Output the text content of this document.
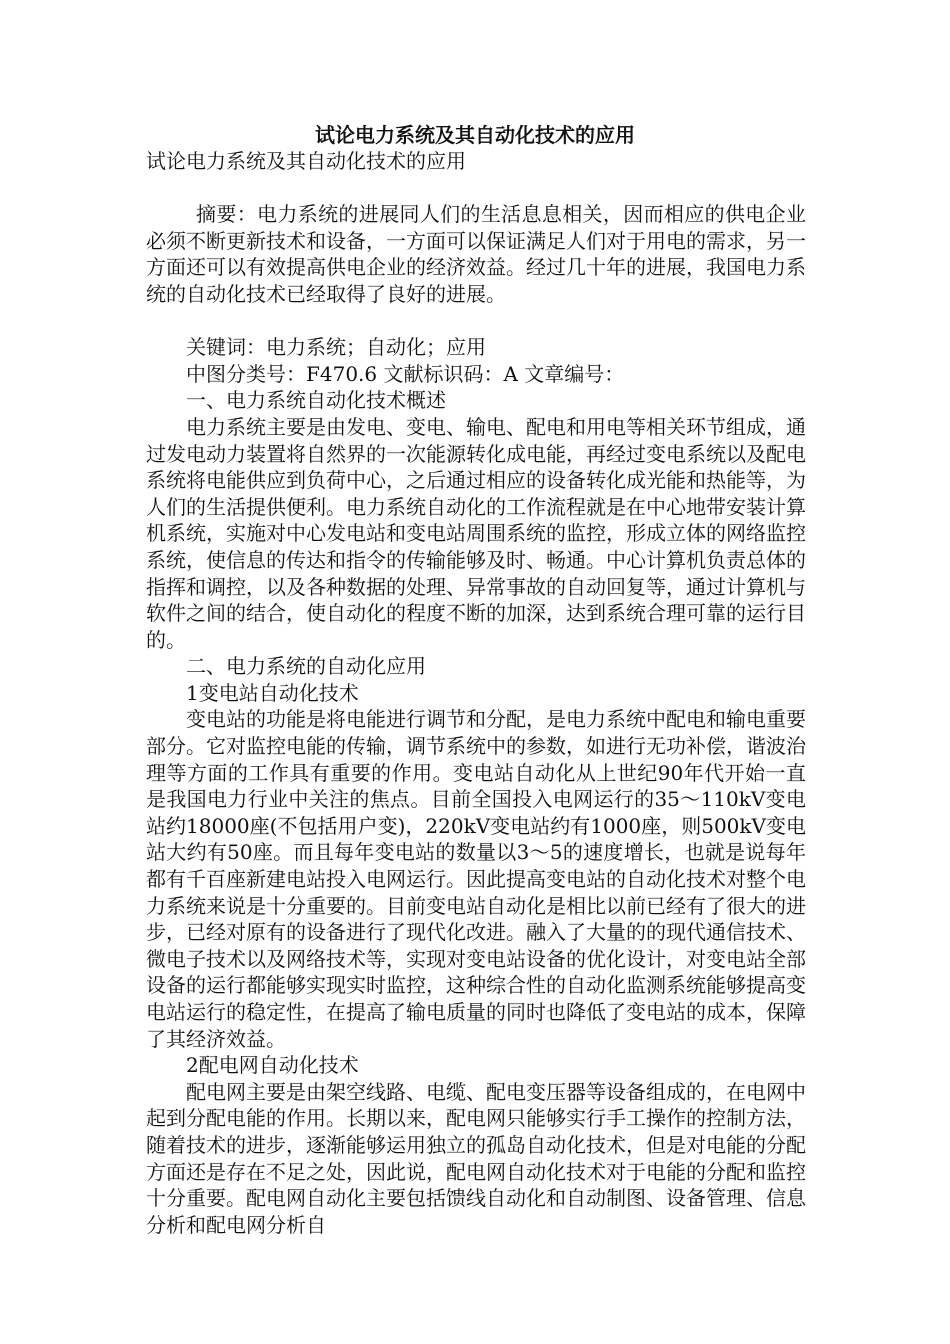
试论电力系统及其自动化技术的应用

试论电力系统及其自动化技术的应用

摘要：电力系统的进展同人们的生活息息相关，因而相应的供电企业必须不断更新技术和设备，一方面可以保证满足人们对于用电的需求，另一方面还可以有效提高供电企业的经济效益。经过几十年的进展，我国电力系统的自动化技术已经取得了良好的进展。

关键词：电力系统；自动化；应用

中图分类号：F470.6 文献标识码：A 文章编号：

一、电力系统自动化技术概述

电力系统主要是由发电、变电、输电、配电和用电等相关环节组成，通过发电动力装置将自然界的一次能源转化成电能，再经过变电系统以及配电系统将电能供应到负荷中心，之后通过相应的设备转化成光能和热能等，为人们的生活提供便利。电力系统自动化的工作流程就是在中心地带安装计算机系统，实施对中心发电站和变电站周围系统的监控，形成立体的网络监控系统，使信息的传达和指令的传输能够及时、畅通。中心计算机负责总体的指挥和调控，以及各种数据的处理、异常事故的自动回复等，通过计算机与软件之间的结合，使自动化的程度不断的加深，达到系统合理可靠的运行目的。

二、电力系统的自动化应用

1变电站自动化技术

变电站的功能是将电能进行调节和分配，是电力系统中配电和输电重要部分。它对监控电能的传输，调节系统中的参数，如进行无功补偿，谐波治理等方面的工作具有重要的作用。变电站自动化从上世纪90年代开始一直是我国电力行业中关注的焦点。目前全国投入电网运行的35～110kV变电站约18000座(不包括用户变)，220kV变电站约有1000座，则500kV变电站大约有50座。而且每年变电站的数量以3～5的速度增长，也就是说每年都有千百座新建电站投入电网运行。因此提高变电站的自动化技术对整个电力系统来说是十分重要的。目前变电站自动化是相比以前已经有了很大的进步，已经对原有的设备进行了现代化改进。融入了大量的的现代通信技术、微电子技术以及网络技术等，实现对变电站设备的优化设计，对变电站全部设备的运行都能够实现实时监控，这种综合性的自动化监测系统能够提高变电站运行的稳定性，在提高了输电质量的同时也降低了变电站的成本，保障了其经济效益。

2配电网自动化技术

配电网主要是由架空线路、电缆、配电变压器等设备组成的，在电网中起到分配电能的作用。长期以来，配电网只能够实行手工操作的控制方法，随着技术的进步，逐渐能够运用独立的孤岛自动化技术，但是对电能的分配方面还是存在不足之处，因此说，配电网自动化技术对于电能的分配和监控十分重要。配电网自动化主要包括馈线自动化和自动制图、设备管理、信息分析和配电网分析自
